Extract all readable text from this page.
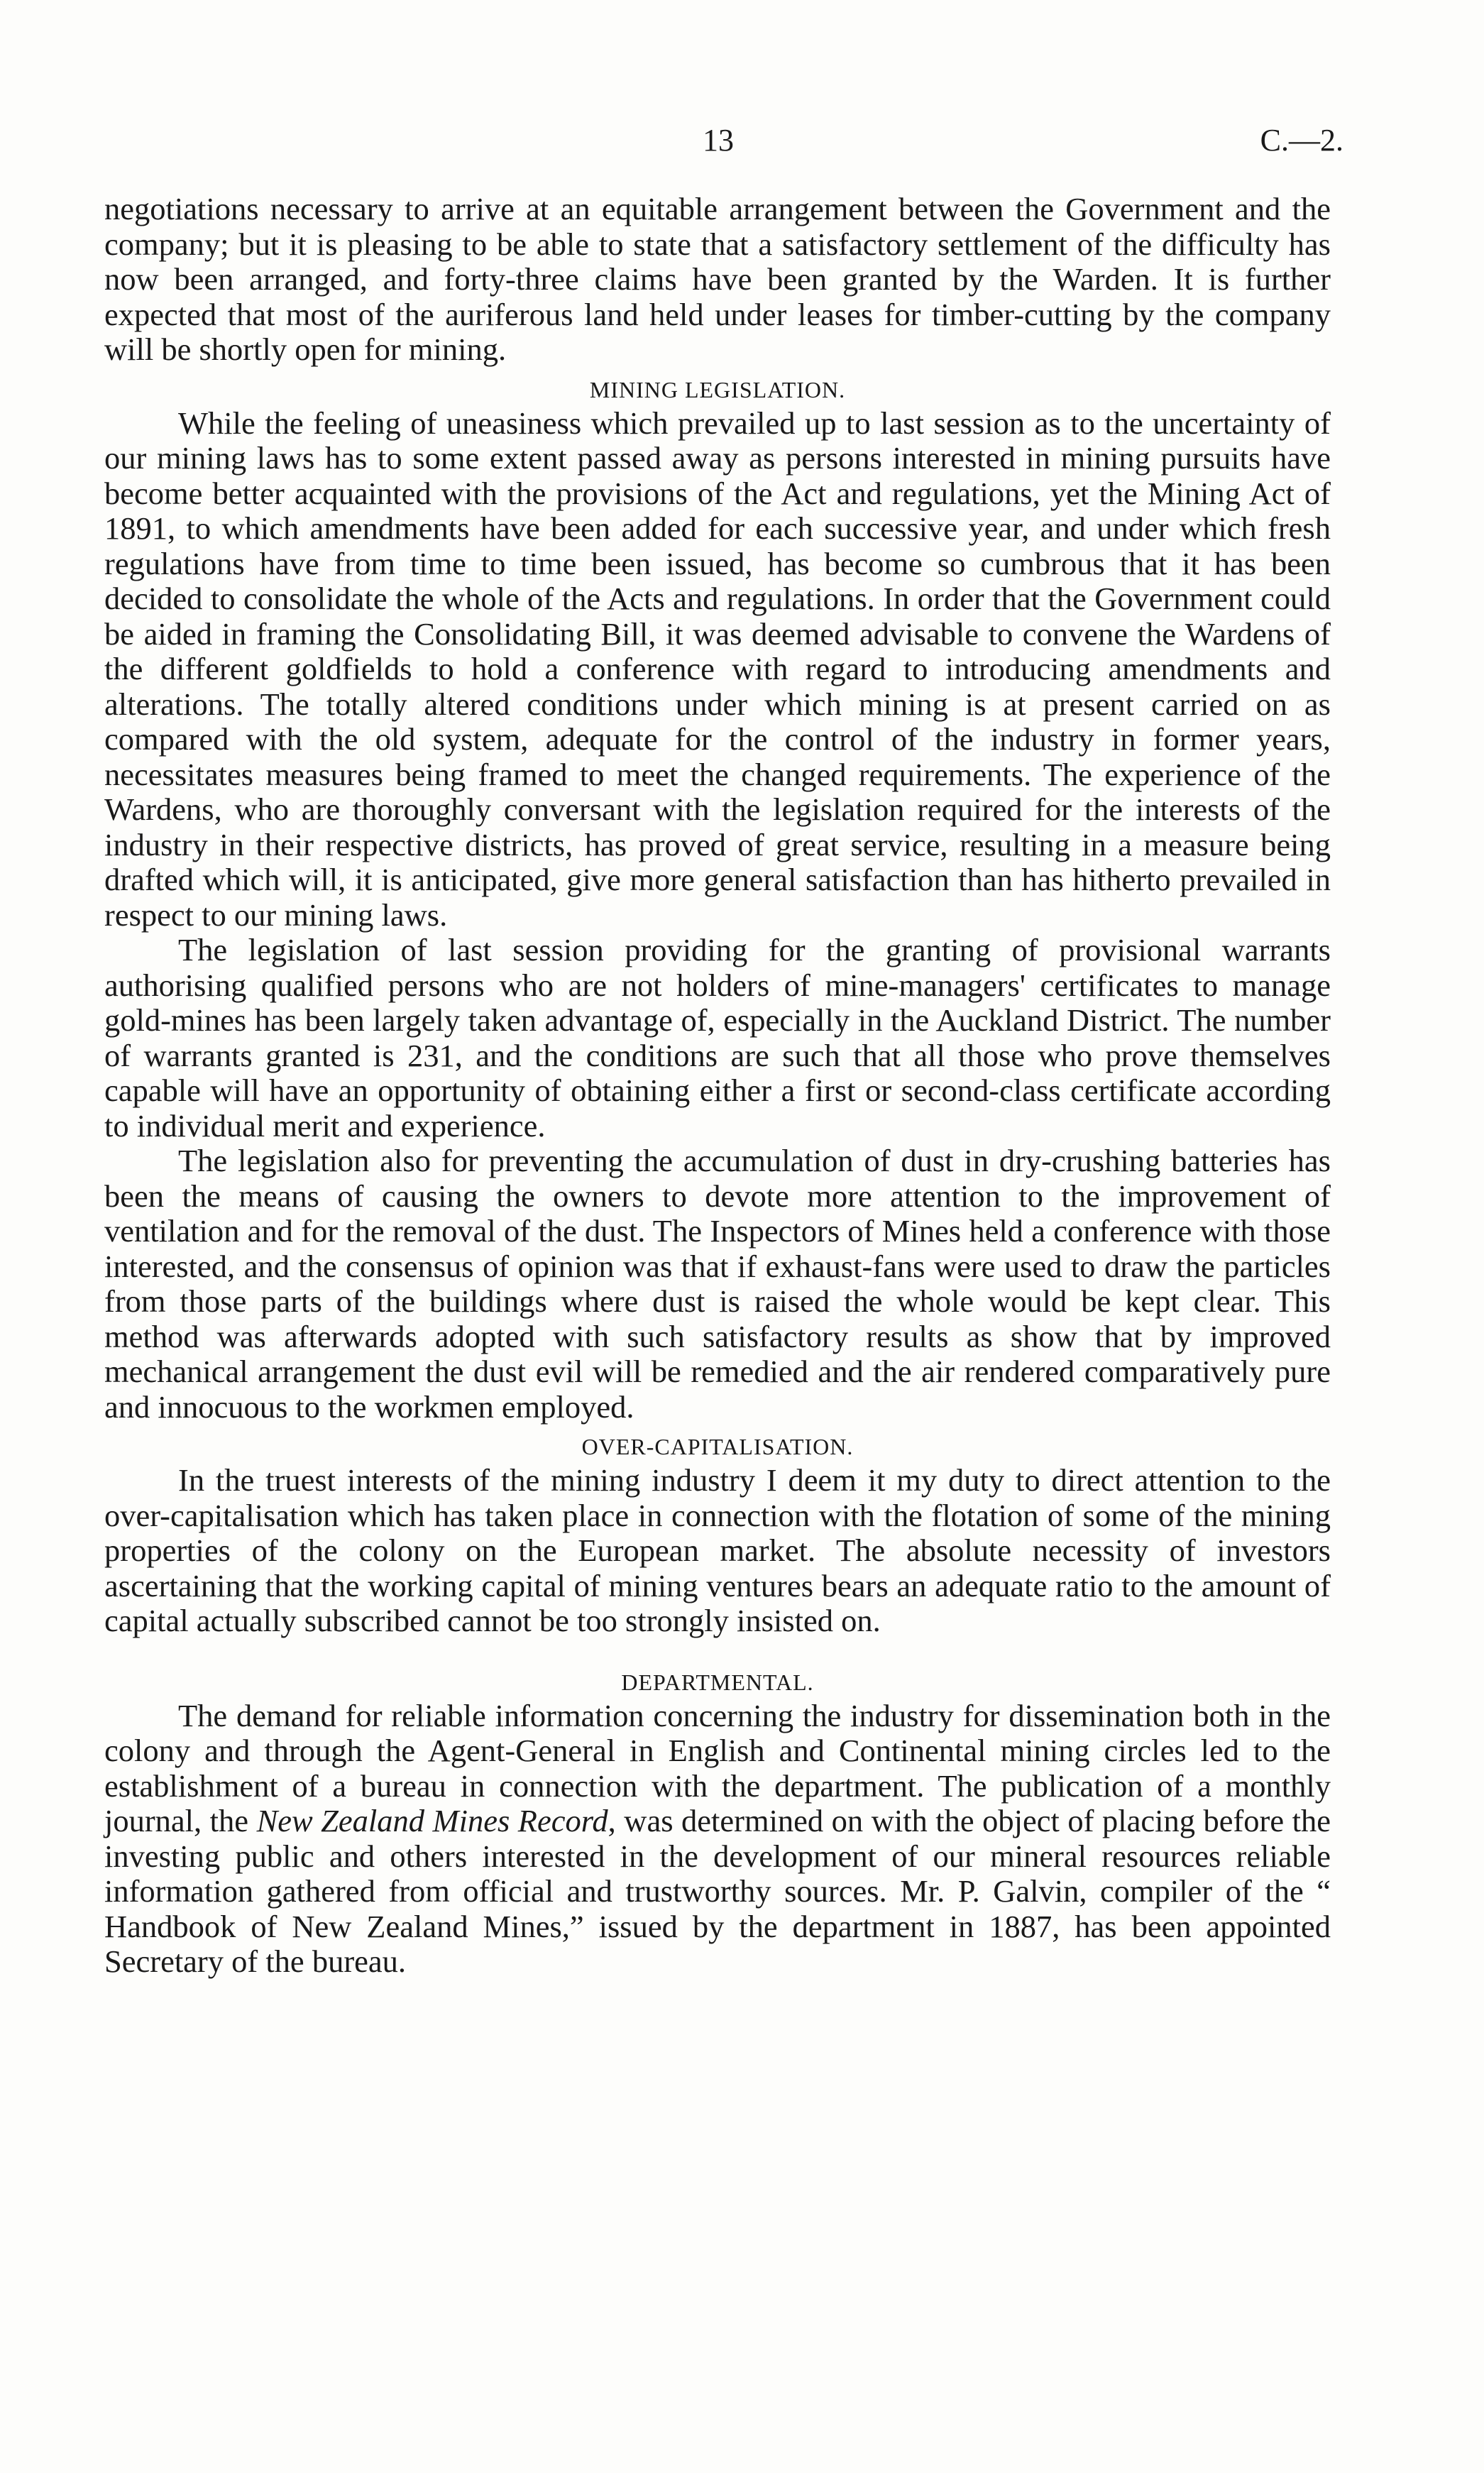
13	C.—2.

negotiations necessary to arrive at an equitable arrangement between the Government and the company; but it is pleasing to be able to state that a satisfactory settlement of the difficulty has now been arranged, and forty-three claims have been granted by the Warden. It is further expected that most of the auriferous land held under leases for timber-cutting by the company will be shortly open for mining.

MINING LEGISLATION.

While the feeling of uneasiness which prevailed up to last session as to the uncertainty of our mining laws has to some extent passed away as persons interested in mining pursuits have become better acquainted with the provisions of the Act and regulations, yet the Mining Act of 1891, to which amendments have been added for each successive year, and under which fresh regulations have from time to time been issued, has become so cumbrous that it has been decided to consolidate the whole of the Acts and regulations. In order that the Government could be aided in framing the Consolidating Bill, it was deemed advisable to convene the Wardens of the different goldfields to hold a conference with regard to introducing amendments and alterations. The totally altered conditions under which mining is at present carried on as compared with the old system, adequate for the control of the industry in former years, necessitates measures being framed to meet the changed requirements. The experience of the Wardens, who are thoroughly conversant with the legislation required for the interests of the industry in their respective districts, has proved of great service, resulting in a measure being drafted which will, it is anticipated, give more general satisfaction than has hitherto prevailed in respect to our mining laws.

The legislation of last session providing for the granting of provisional warrants authorising qualified persons who are not holders of mine-managers' certificates to manage gold-mines has been largely taken advantage of, especially in the Auckland District. The number of warrants granted is 231, and the conditions are such that all those who prove themselves capable will have an opportunity of obtaining either a first or second-class certificate according to individual merit and experience.

The legislation also for preventing the accumulation of dust in dry-crushing batteries has been the means of causing the owners to devote more attention to the improvement of ventilation and for the removal of the dust. The Inspectors of Mines held a conference with those interested, and the consensus of opinion was that if exhaust-fans were used to draw the particles from those parts of the buildings where dust is raised the whole would be kept clear. This method was afterwards adopted with such satisfactory results as show that by improved mechanical arrangement the dust evil will be remedied and the air rendered comparatively pure and innocuous to the workmen employed.

OVER-CAPITALISATION.

In the truest interests of the mining industry I deem it my duty to direct attention to the over-capitalisation which has taken place in connection with the flotation of some of the mining properties of the colony on the European market. The absolute necessity of investors ascertaining that the working capital of mining ventures bears an adequate ratio to the amount of capital actually subscribed cannot be too strongly insisted on.

DEPARTMENTAL.

The demand for reliable information concerning the industry for dissemination both in the colony and through the Agent-General in English and Continental mining circles led to the establishment of a bureau in connection with the department. The publication of a monthly journal, the New Zealand Mines Record, was determined on with the object of placing before the investing public and others interested in the development of our mineral resources reliable information gathered from official and trustworthy sources. Mr. P. Galvin, compiler of the “ Handbook of New Zealand Mines,” issued by the department in 1887, has been appointed Secretary of the bureau.
